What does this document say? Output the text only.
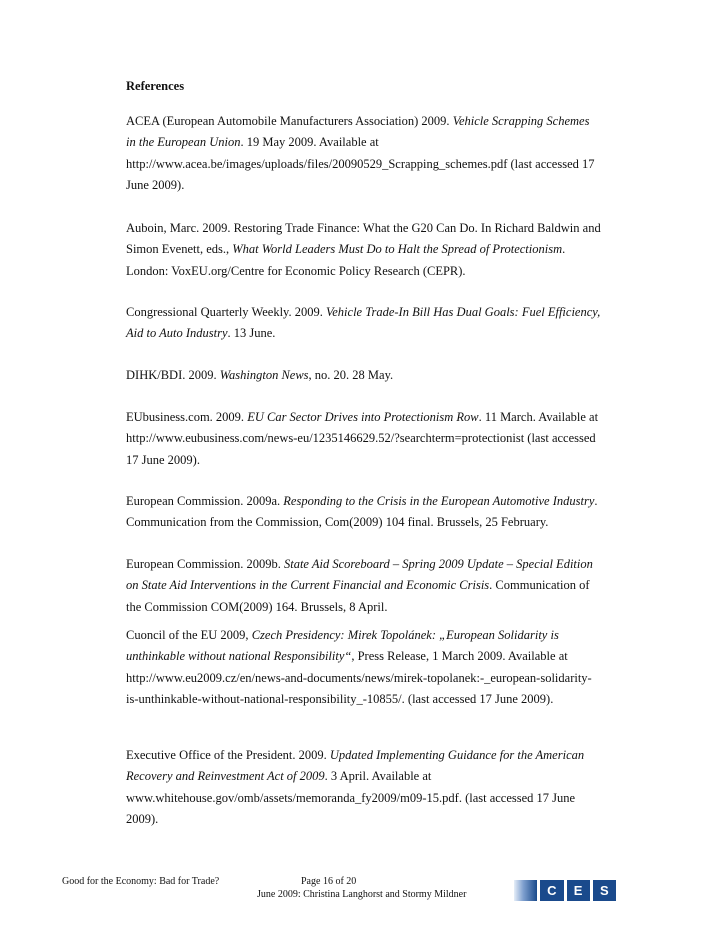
References
ACEA (European Automobile Manufacturers Association) 2009. Vehicle Scrapping Schemes
in the European Union. 19 May 2009. Available at
http://www.acea.be/images/uploads/files/20090529_Scrapping_schemes.pdf (last accessed 17
June 2009).
Auboin, Marc. 2009. Restoring Trade Finance: What the G20 Can Do. In Richard Baldwin and
Simon Evenett, eds., What World Leaders Must Do to Halt the Spread of Protectionism.
London: VoxEU.org/Centre for Economic Policy Research (CEPR).
Congressional Quarterly Weekly. 2009. Vehicle Trade-In Bill Has Dual Goals: Fuel Efficiency,
Aid to Auto Industry. 13 June.
DIHK/BDI. 2009. Washington News, no. 20. 28 May.
EUbusiness.com. 2009. EU Car Sector Drives into Protectionism Row. 11 March. Available at
http://www.eubusiness.com/news-eu/1235146629.52/?searchterm=protectionist (last accessed
17 June 2009).
European Commission. 2009a. Responding to the Crisis in the European Automotive Industry.
Communication from the Commission, Com(2009) 104 final. Brussels, 25 February.
European Commission. 2009b. State Aid Scoreboard – Spring 2009 Update – Special Edition
on State Aid Interventions in the Current Financial and Economic Crisis. Communication of
the Commission COM(2009) 164. Brussels, 8 April.
Cuoncil of the EU 2009, Czech Presidency: Mirek Topolánek: „European Solidarity is
unthinkable without national Responsibility“, Press Release, 1 March 2009. Available at
http://www.eu2009.cz/en/news-and-documents/news/mirek-topolanek:-_european-solidarity-
is-unthinkable-without-national-responsibility_-10855/. (last accessed 17 June 2009).
Executive Office of the President. 2009. Updated Implementing Guidance for the American
Recovery and Reinvestment Act of 2009. 3 April. Available at
www.whitehouse.gov/omb/assets/memoranda_fy2009/m09-15.pdf. (last accessed 17 June
2009).
Good for the Economy: Bad for Trade?	Page 16 of 20
June 2009: Christina Langhorst and Stormy Mildner	C	E	S
